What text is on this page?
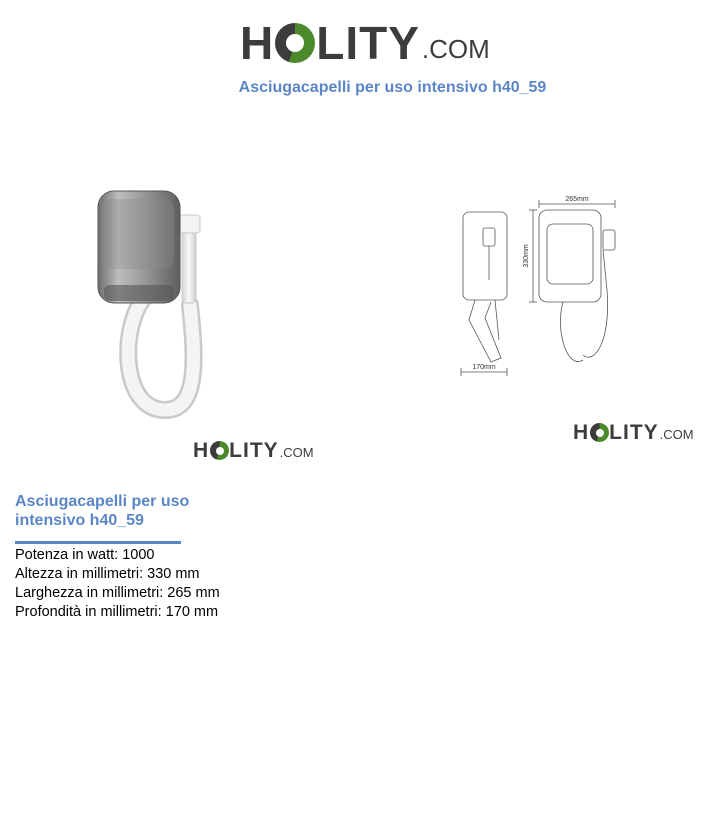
H LITY .COM
Asciugacapelli per uso intensivo h40_59
H LITY .COM
265mm
330mm
170mm
H LITY .COM
Asciugacapelli per uso intensivo h40_59
Potenza in watt: 1000
Altezza in millimetri: 330 mm
Larghezza in millimetri: 265 mm
Profondità in millimetri: 170 mm
